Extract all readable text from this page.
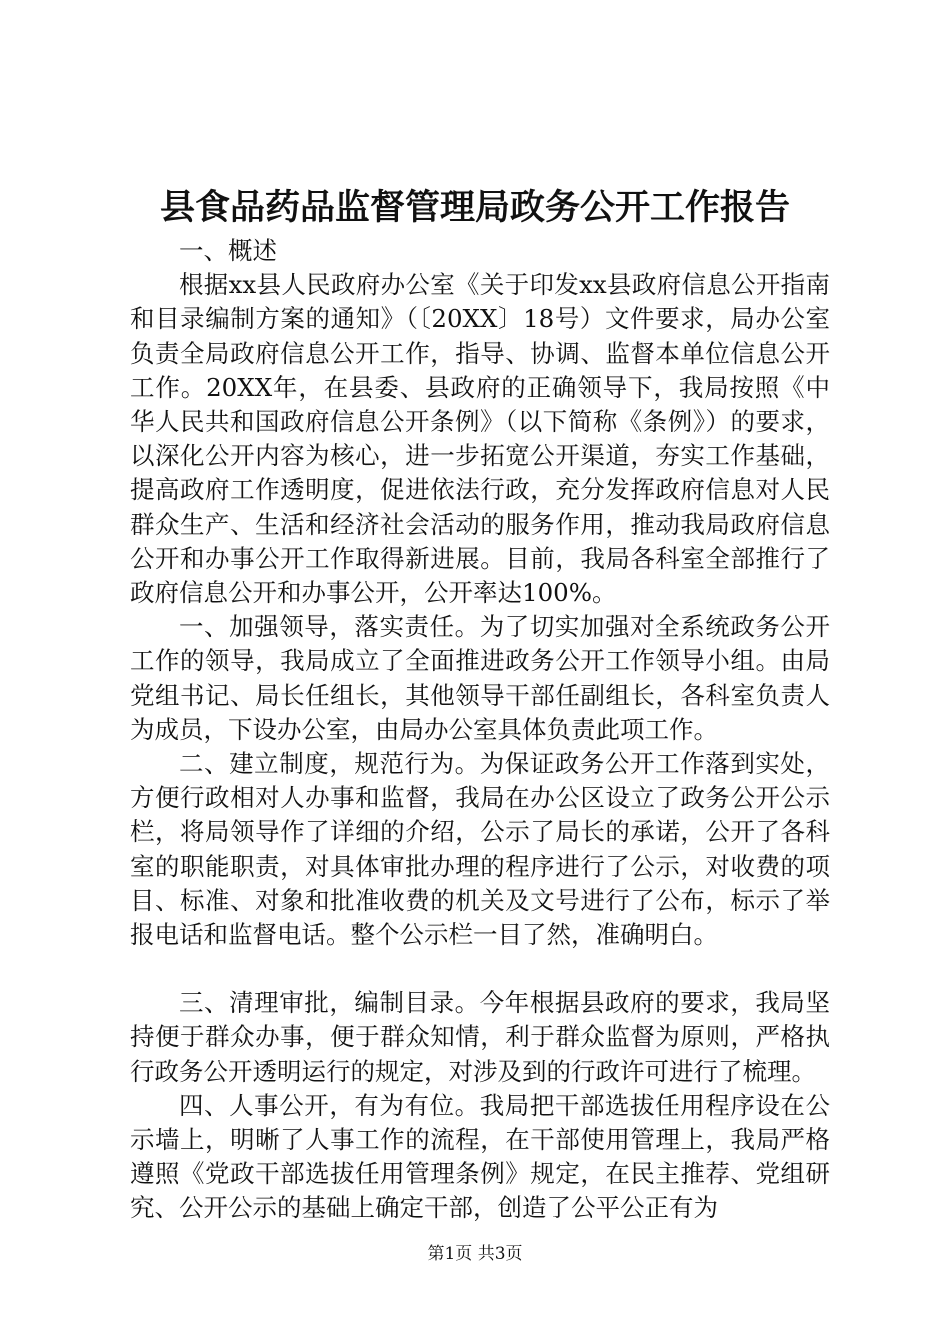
县食品药品监督管理局政务公开工作报告

一、概述

根据xx县人民政府办公室《关于印发xx县政府信息公开指南和目录编制方案的通知》（〔20XX〕18号）文件要求，局办公室负责全局政府信息公开工作，指导、协调、监督本单位信息公开工作。20XX年，在县委、县政府的正确领导下，我局按照《中华人民共和国政府信息公开条例》（以下简称《条例》）的要求，以深化公开内容为核心，进一步拓宽公开渠道，夯实工作基础，提高政府工作透明度，促进依法行政，充分发挥政府信息对人民群众生产、生活和经济社会活动的服务作用，推动我局政府信息公开和办事公开工作取得新进展。目前，我局各科室全部推行了政府信息公开和办事公开，公开率达100%。

一、加强领导，落实责任。为了切实加强对全系统政务公开工作的领导，我局成立了全面推进政务公开工作领导小组。由局党组书记、局长任组长，其他领导干部任副组长，各科室负责人为成员，下设办公室，由局办公室具体负责此项工作。

二、建立制度，规范行为。为保证政务公开工作落到实处，方便行政相对人办事和监督，我局在办公区设立了政务公开公示栏，将局领导作了详细的介绍，公示了局长的承诺，公开了各科室的职能职责，对具体审批办理的程序进行了公示，对收费的项目、标准、对象和批准收费的机关及文号进行了公布，标示了举报电话和监督电话。整个公示栏一目了然，准确明白。

三、清理审批，编制目录。今年根据县政府的要求，我局坚持便于群众办事，便于群众知情，利于群众监督为原则，严格执行政务公开透明运行的规定，对涉及到的行政许可进行了梳理。

四、人事公开，有为有位。我局把干部选拔任用程序设在公示墙上，明晰了人事工作的流程，在干部使用管理上，我局严格遵照《党政干部选拔任用管理条例》规定，在民主推荐、党组研究、公开公示的基础上确定干部，创造了公平公正有为

第1页 共3页
